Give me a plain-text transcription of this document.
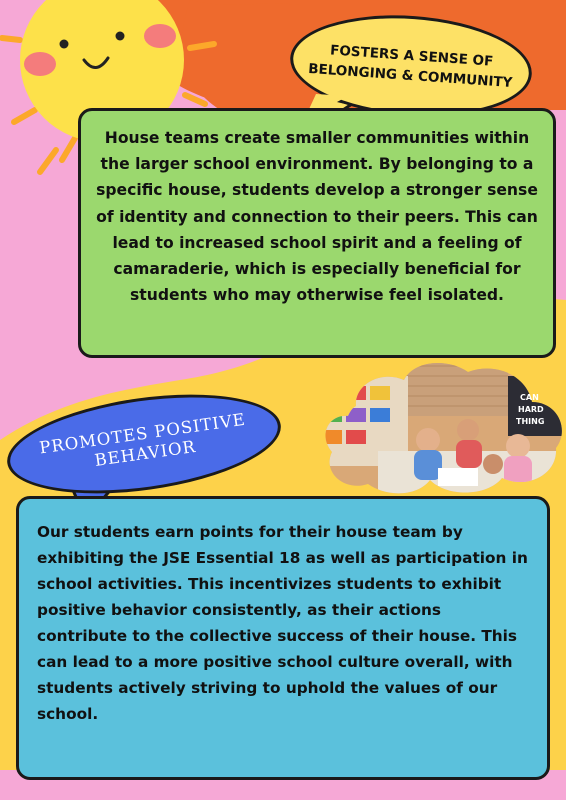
FOSTERS A SENSE OF BELONGING & COMMUNITY

House teams create smaller communities within the larger school environment. By belonging to a specific house, students develop a stronger sense of identity and connection to their peers. This can lead to increased school spirit and a feeling of camaraderie, which is especially beneficial for students who may otherwise feel isolated.

CAN
HARD
THING
PROMOTES POSITIVE BEHAVIOR

Our students earn points for their house team by exhibiting the JSE Essential 18 as well as participation in school activities. This incentivizes students to exhibit positive behavior consistently, as their actions contribute to the collective success of their house. This can lead to a more positive school culture overall, with students actively striving to uphold the values of our school.
